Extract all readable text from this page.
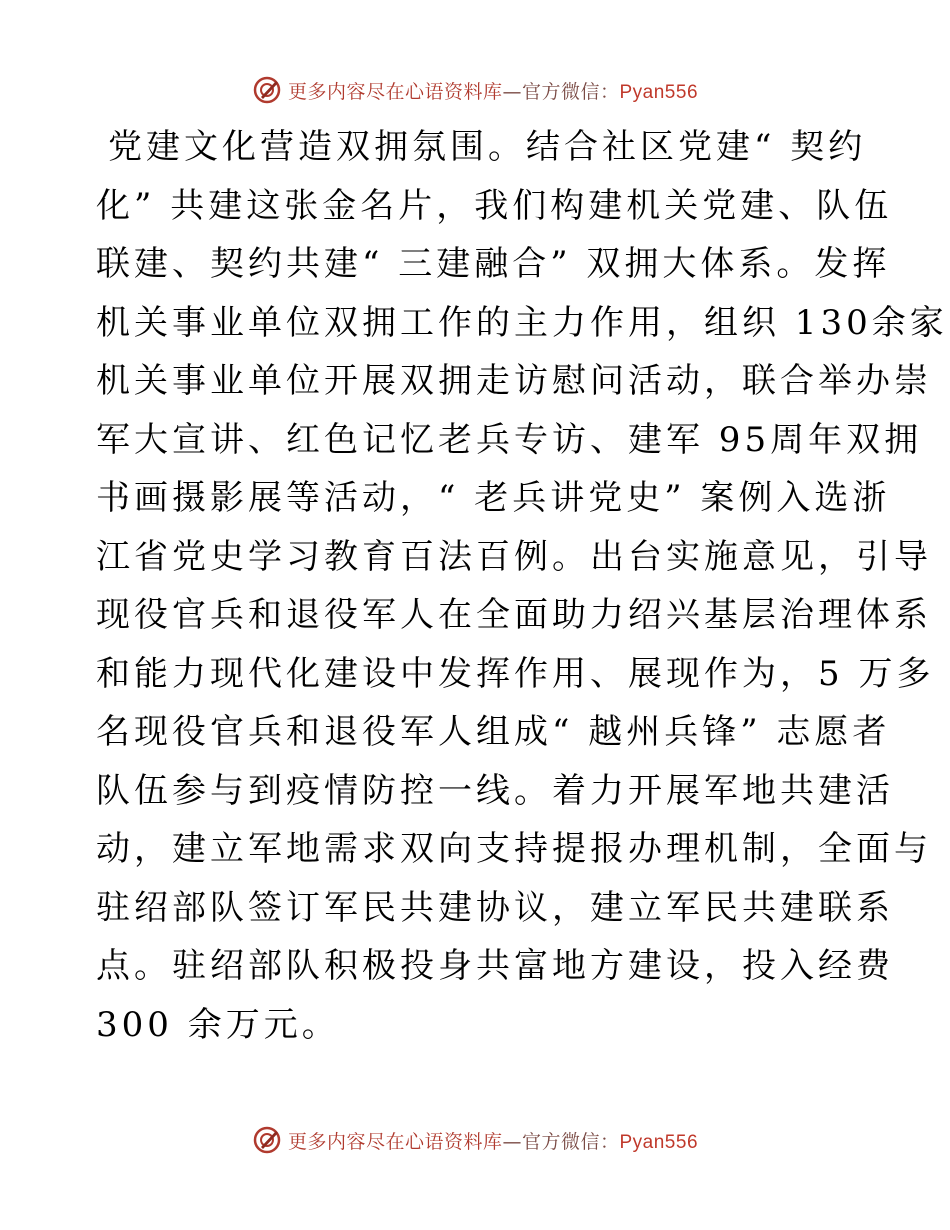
更多内容尽在心语资料库—官方微信：Pyan556

党建文化营造双拥氛围。结合社区党建“ 契约

化” 共建这张金名片，我们构建机关党建、队伍

联建、契约共建“ 三建融合” 双拥大体系。发挥

机关事业单位双拥工作的主力作用，组织 130余家

机关事业单位开展双拥走访慰问活动，联合举办崇

军大宣讲、红色记忆老兵专访、建军 95周年双拥

书画摄影展等活动，“ 老兵讲党史” 案例入选浙

江省党史学习教育百法百例。出台实施意见，引导

现役官兵和退役军人在全面助力绍兴基层治理体系

和能力现代化建设中发挥作用、展现作为，5 万多

名现役官兵和退役军人组成“ 越州兵锋” 志愿者

队伍参与到疫情防控一线。着力开展军地共建活

动，建立军地需求双向支持提报办理机制，全面与

驻绍部队签订军民共建协议，建立军民共建联系

点。驻绍部队积极投身共富地方建设，投入经费

300 余万元。

更多内容尽在心语资料库—官方微信：Pyan556
